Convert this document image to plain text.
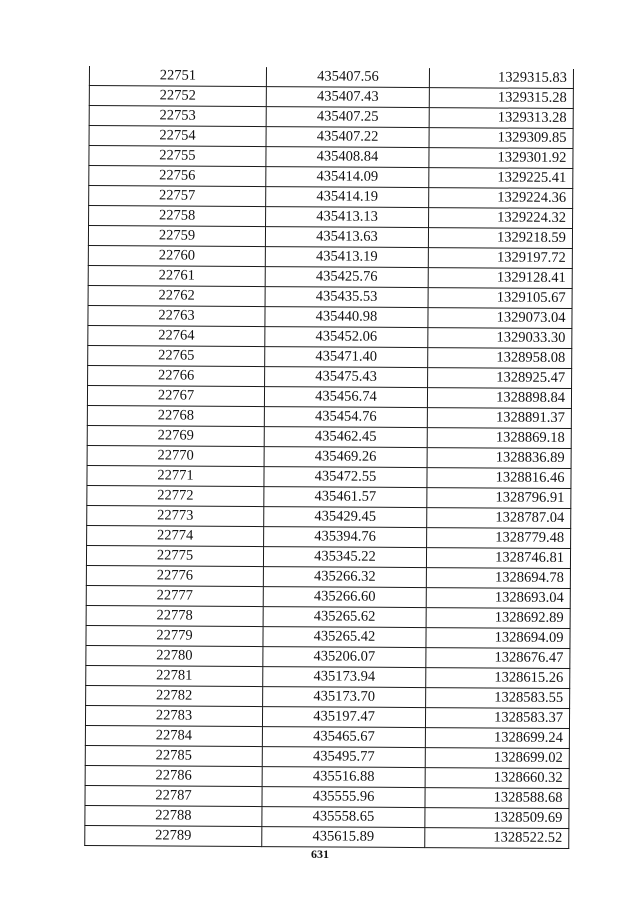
22751	435407.56	1329315.83
22752	435407.43	1329315.28
22753	435407.25	1329313.28
22754	435407.22	1329309.85
22755	435408.84	1329301.92
22756	435414.09	1329225.41
22757	435414.19	1329224.36
22758	435413.13	1329224.32
22759	435413.63	1329218.59
22760	435413.19	1329197.72
22761	435425.76	1329128.41
22762	435435.53	1329105.67
22763	435440.98	1329073.04
22764	435452.06	1329033.30
22765	435471.40	1328958.08
22766	435475.43	1328925.47
22767	435456.74	1328898.84
22768	435454.76	1328891.37
22769	435462.45	1328869.18
22770	435469.26	1328836.89
22771	435472.55	1328816.46
22772	435461.57	1328796.91
22773	435429.45	1328787.04
22774	435394.76	1328779.48
22775	435345.22	1328746.81
22776	435266.32	1328694.78
22777	435266.60	1328693.04
22778	435265.62	1328692.89
22779	435265.42	1328694.09
22780	435206.07	1328676.47
22781	435173.94	1328615.26
22782	435173.70	1328583.55
22783	435197.47	1328583.37
22784	435465.67	1328699.24
22785	435495.77	1328699.02
22786	435516.88	1328660.32
22787	435555.96	1328588.68
22788	435558.65	1328509.69
22789	435615.89	1328522.52
631
